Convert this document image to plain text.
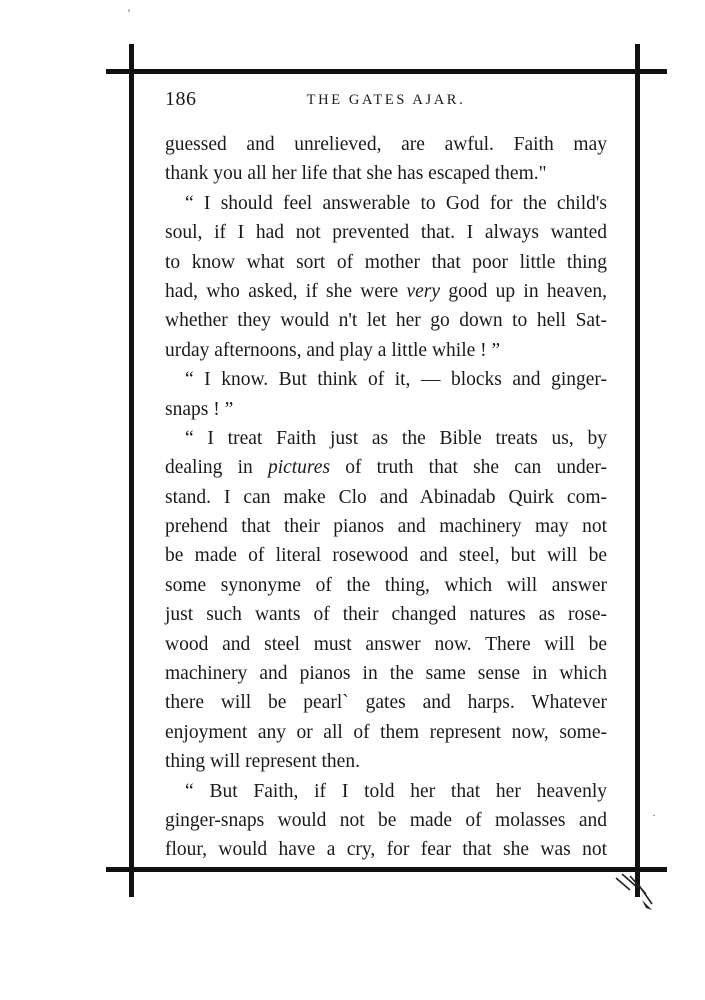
186	THE GATES AJAR.
guessed and unrelieved, are awful. Faith may
thank you all her life that she has escaped them."
“ I should feel answerable to God for the child's
soul, if I had not prevented that. I always wanted
to know what sort of mother that poor little thing
had, who asked, if she were very good up in heaven,
whether they would n't let her go down to hell Sat-
urday afternoons, and play a little while ! ”
“ I know. But think of it, — blocks and ginger-
snaps ! ”
“ I treat Faith just as the Bible treats us, by
dealing in pictures of truth that she can under-
stand. I can make Clo and Abinadab Quirk com-
prehend that their pianos and machinery may not
be made of literal rosewood and steel, but will be
some synonyme of the thing, which will answer
just such wants of their changed natures as rose-
wood and steel must answer now. There will be
machinery and pianos in the same sense in which
there will be pearl` gates and harps. Whatever
enjoyment any or all of them represent now, some-
thing will represent then.
“ But Faith, if I told her that her heavenly
ginger-snaps would not be made of molasses and
flour, would have a cry, for fear that she was not
'
·
